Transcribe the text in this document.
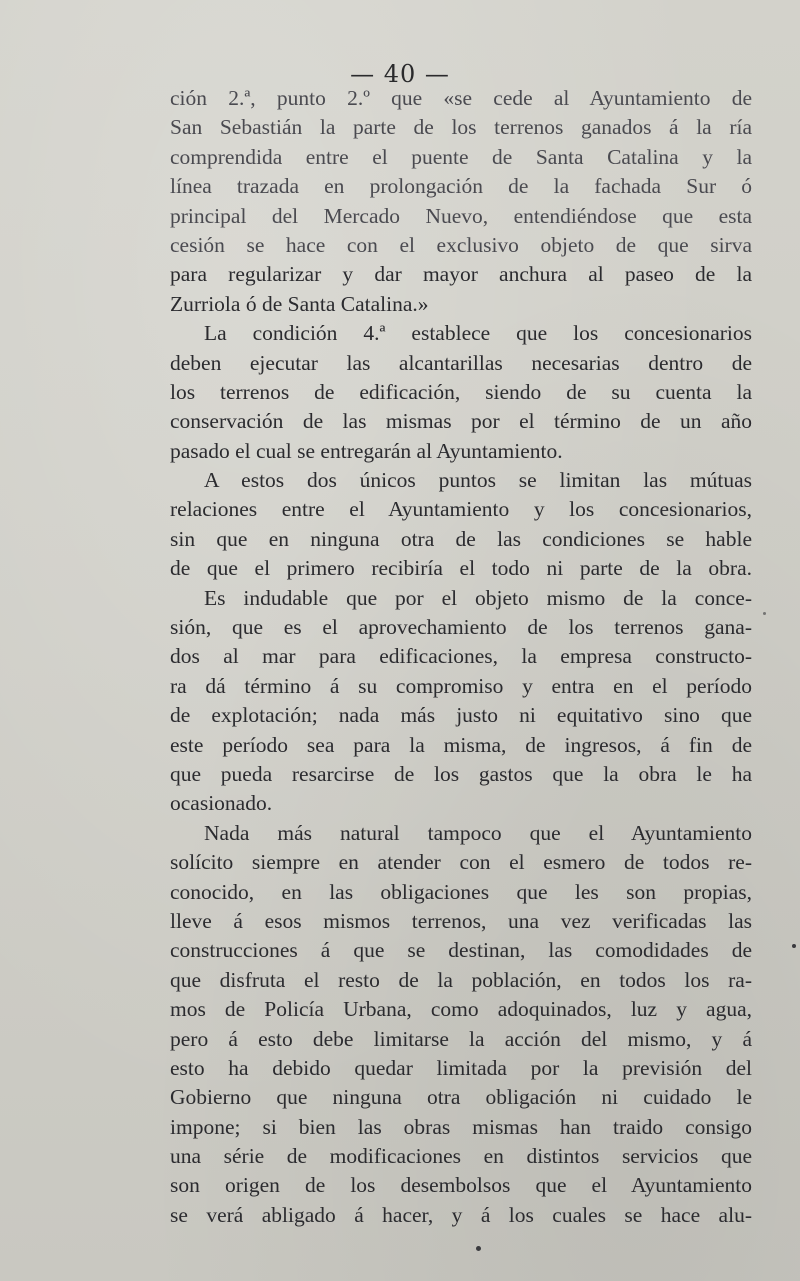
— 40 —
ción 2.ª, punto 2.º que «se cede al Ayuntamiento de
San Sebastián la parte de los terrenos ganados á la ría
comprendida entre el puente de Santa Catalina y la
línea trazada en prolongación de la fachada Sur ó
principal del Mercado Nuevo, entendiéndose que esta
cesión se hace con el exclusivo objeto de que sirva
para regularizar y dar mayor anchura al paseo de la
Zurriola ó de Santa Catalina.»
La condición 4.ª establece que los concesionarios
deben ejecutar las alcantarillas necesarias dentro de
los terrenos de edificación, siendo de su cuenta la
conservación de las mismas por el término de un año
pasado el cual se entregarán al Ayuntamiento.
A estos dos únicos puntos se limitan las mútuas
relaciones entre el Ayuntamiento y los concesionarios,
sin que en ninguna otra de las condiciones se hable
de que el primero recibiría el todo ni parte de la obra.
Es indudable que por el objeto mismo de la conce-
sión, que es el aprovechamiento de los terrenos gana-
dos al mar para edificaciones, la empresa constructo-
ra dá término á su compromiso y entra en el período
de explotación; nada más justo ni equitativo sino que
este período sea para la misma, de ingresos, á fin de
que pueda resarcirse de los gastos que la obra le ha
ocasionado.
Nada más natural tampoco que el Ayuntamiento
solícito siempre en atender con el esmero de todos re-
conocido, en las obligaciones que les son propias,
lleve á esos mismos terrenos, una vez verificadas las
construcciones á que se destinan, las comodidades de
que disfruta el resto de la población, en todos los ra-
mos de Policía Urbana, como adoquinados, luz y agua,
pero á esto debe limitarse la acción del mismo, y á
esto ha debido quedar limitada por la previsión del
Gobierno que ninguna otra obligación ni cuidado le
impone; si bien las obras mismas han traido consigo
una série de modificaciones en distintos servicios que
son origen de los desembolsos que el Ayuntamiento
se verá abligado á hacer, y á los cuales se hace alu-
